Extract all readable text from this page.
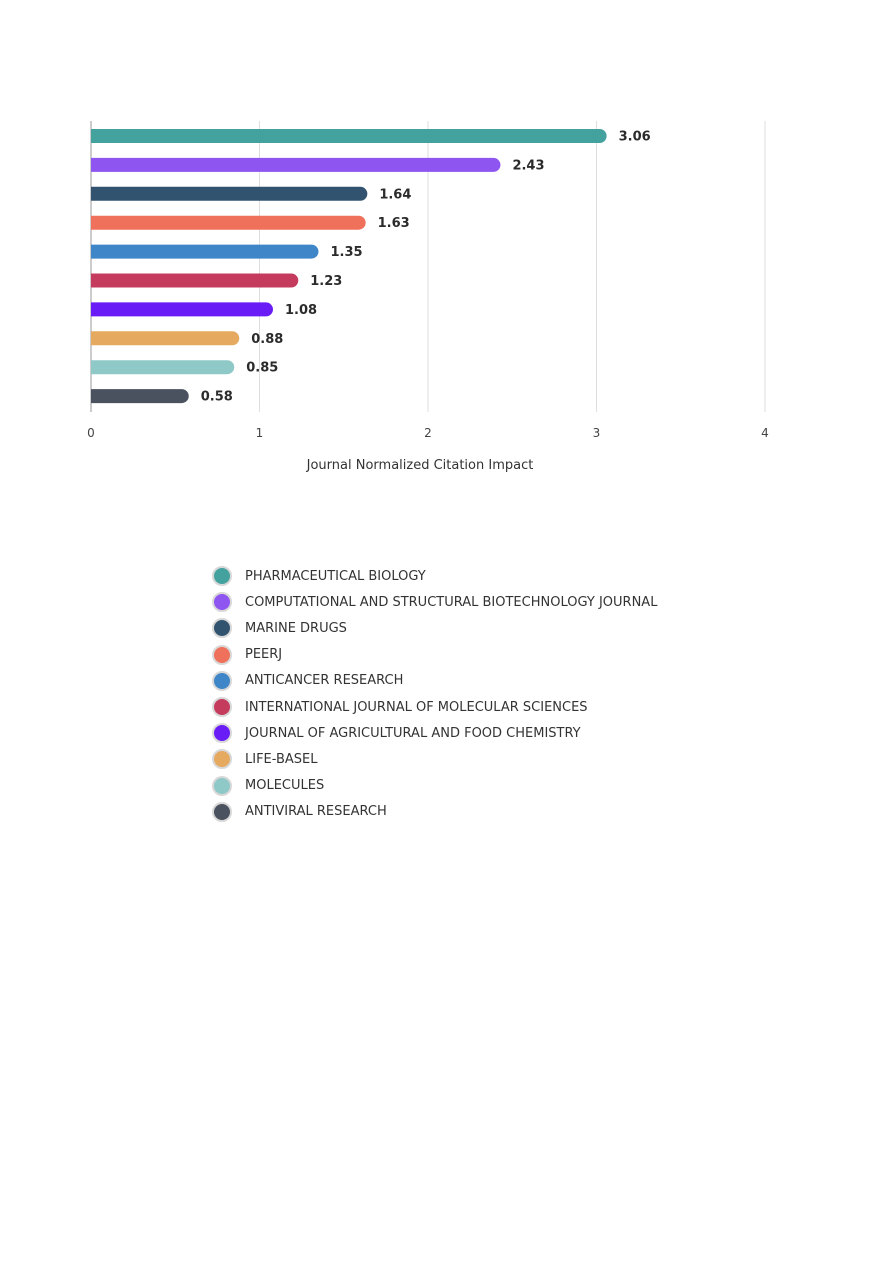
3.06
2.43
1.64
1.63
1.35
1.23
1.08
0.88
0.85
0.58
0	1	2	3	4
Journal Normalized Citation Impact
PHARMACEUTICAL BIOLOGY
COMPUTATIONAL AND STRUCTURAL BIOTECHNOLOGY JOURNAL
MARINE DRUGS
PEERJ
ANTICANCER RESEARCH
INTERNATIONAL JOURNAL OF MOLECULAR SCIENCES
JOURNAL OF AGRICULTURAL AND FOOD CHEMISTRY
LIFE-BASEL
MOLECULES
ANTIVIRAL RESEARCH
